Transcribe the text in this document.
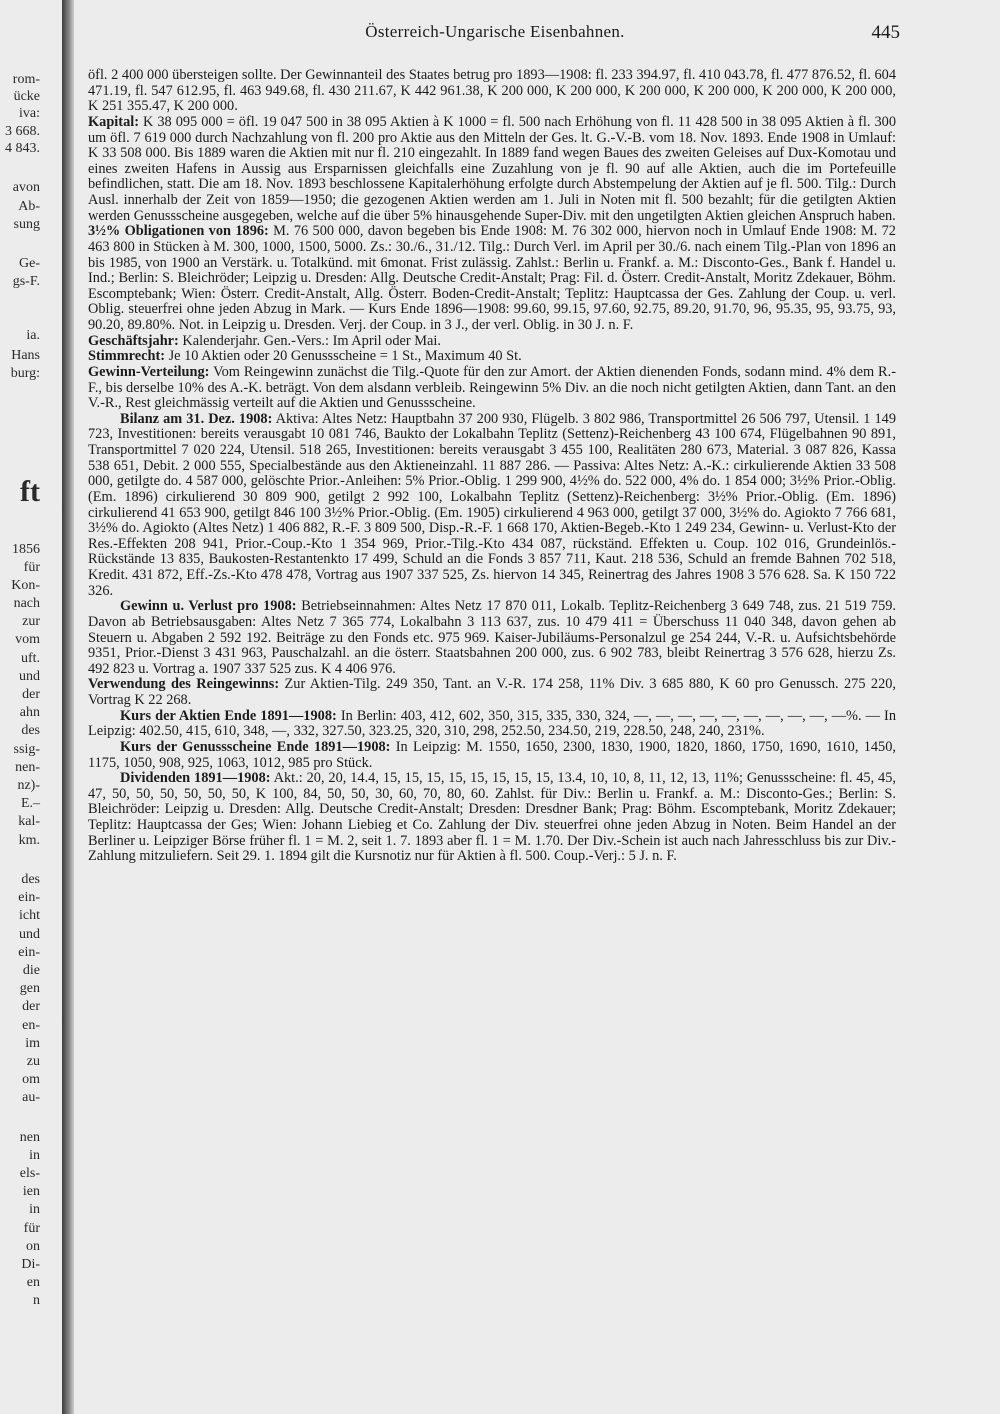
rom-
ücke
iva:
3 668.
4 843.
avon
Ab-
sung
Ge-
gs-F.
ia.
Hans
burg:
ft
1856
für
Kon-
nach
zur
vom
uft.
und
der
ahn
des
ssig-
nen-
nz)-
E.–
kal-
km.
des
ein-
icht
und
ein-
die
gen
der
en-
im
zu
om
au-
nen
in
els-
ien
in
für
on
Di-
en
n
Österreich-Ungarische Eisenbahnen.	445

öfl. 2 400 000 übersteigen sollte. Der Gewinnanteil des Staates betrug pro 1893—1908: fl. 233 394.97, fl. 410 043.78, fl. 477 876.52, fl. 604 471.19, fl. 547 612.95, fl. 463 949.68, fl. 430 211.67, K 442 961.38, K 200 000, K 200 000, K 200 000, K 200 000, K 200 000, K 200 000, K 251 355.47, K 200 000.

Kapital: K 38 095 000 = öfl. 19 047 500 in 38 095 Aktien à K 1000 = fl. 500 nach Erhöhung von fl. 11 428 500 in 38 095 Aktien à fl. 300 um öfl. 7 619 000 durch Nachzahlung von fl. 200 pro Aktie aus den Mitteln der Ges. lt. G.-V.-B. vom 18. Nov. 1893. Ende 1908 in Umlauf: K 33 508 000. Bis 1889 waren die Aktien mit nur fl. 210 eingezahlt. In 1889 fand wegen Baues des zweiten Geleises auf Dux-Komotau und eines zweiten Hafens in Aussig aus Ersparnissen gleichfalls eine Zuzahlung von je fl. 90 auf alle Aktien, auch die im Portefeuille befindlichen, statt. Die am 18. Nov. 1893 beschlossene Kapitalerhöhung erfolgte durch Abstempelung der Aktien auf je fl. 500. Tilg.: Durch Ausl. innerhalb der Zeit von 1859—1950; die gezogenen Aktien werden am 1. Juli in Noten mit fl. 500 bezahlt; für die getilgten Aktien werden Genussscheine ausgegeben, welche auf die über 5% hinausgehende Super-Div. mit den ungetilgten Aktien gleichen Anspruch haben.

3½% Obligationen von 1896: M. 76 500 000, davon begeben bis Ende 1908: M. 76 302 000, hiervon noch in Umlauf Ende 1908: M. 72 463 800 in Stücken à M. 300, 1000, 1500, 5000. Zs.: 30./6., 31./12. Tilg.: Durch Verl. im April per 30./6. nach einem Tilg.-Plan von 1896 an bis 1985, von 1900 an Verstärk. u. Totalkünd. mit 6monat. Frist zulässig. Zahlst.: Berlin u. Frankf. a. M.: Disconto-Ges., Bank f. Handel u. Ind.; Berlin: S. Bleichröder; Leipzig u. Dresden: Allg. Deutsche Credit-Anstalt; Prag: Fil. d. Österr. Credit-Anstalt, Moritz Zdekauer, Böhm. Escomptebank; Wien: Österr. Credit-Anstalt, Allg. Österr. Boden-Credit-Anstalt; Teplitz: Hauptcassa der Ges. Zahlung der Coup. u. verl. Oblig. steuerfrei ohne jeden Abzug in Mark. — Kurs Ende 1896—1908: 99.60, 99.15, 97.60, 92.75, 89.20, 91.70, 96, 95.35, 95, 93.75, 93, 90.20, 89.80%. Not. in Leipzig u. Dresden. Verj. der Coup. in 3 J., der verl. Oblig. in 30 J. n. F.

Geschäftsjahr: Kalenderjahr. Gen.-Vers.: Im April oder Mai.

Stimmrecht: Je 10 Aktien oder 20 Genussscheine = 1 St., Maximum 40 St.

Gewinn-Verteilung: Vom Reingewinn zunächst die Tilg.-Quote für den zur Amort. der Aktien dienenden Fonds, sodann mind. 4% dem R.-F., bis derselbe 10% des A.-K. beträgt. Von dem alsdann verbleib. Reingewinn 5% Div. an die noch nicht getilgten Aktien, dann Tant. an den V.-R., Rest gleichmässig verteilt auf die Aktien und Genussscheine.

Bilanz am 31. Dez. 1908: Aktiva: Altes Netz: Hauptbahn 37 200 930, Flügelb. 3 802 986, Transportmittel 26 506 797, Utensil. 1 149 723, Investitionen: bereits verausgabt 10 081 746, Baukto der Lokalbahn Teplitz (Settenz)-Reichenberg 43 100 674, Flügelbahnen 90 891, Transportmittel 7 020 224, Utensil. 518 265, Investitionen: bereits verausgabt 3 455 100, Realitäten 280 673, Material. 3 087 826, Kassa 538 651, Debit. 2 000 555, Specialbestände aus den Aktieneinzahl. 11 887 286. — Passiva: Altes Netz: A.-K.: cirkulierende Aktien 33 508 000, getilgte do. 4 587 000, gelöschte Prior.-Anleihen: 5% Prior.-Oblig. 1 299 900, 4½% do. 522 000, 4% do. 1 854 000; 3½% Prior.-Oblig. (Em. 1896) cirkulierend 30 809 900, getilgt 2 992 100, Lokalbahn Teplitz (Settenz)-Reichenberg: 3½% Prior.-Oblig. (Em. 1896) cirkulierend 41 653 900, getilgt 846 100 3½% Prior.-Oblig. (Em. 1905) cirkulierend 4 963 000, getilgt 37 000, 3½% do. Agiokto 7 766 681, 3½% do. Agiokto (Altes Netz) 1 406 882, R.-F. 3 809 500, Disp.-R.-F. 1 668 170, Aktien-Begeb.-Kto 1 249 234, Gewinn- u. Verlust-Kto der Res.-Effekten 208 941, Prior.-Coup.-Kto 1 354 969, Prior.-Tilg.-Kto 434 087, rückständ. Effekten u. Coup. 102 016, Grundeinlös.-Rückstände 13 835, Baukosten-Restantenkto 17 499, Schuld an die Fonds 3 857 711, Kaut. 218 536, Schuld an fremde Bahnen 702 518, Kredit. 431 872, Eff.-Zs.-Kto 478 478, Vortrag aus 1907 337 525, Zs. hiervon 14 345, Reinertrag des Jahres 1908 3 576 628. Sa. K 150 722 326.

Gewinn u. Verlust pro 1908: Betriebseinnahmen: Altes Netz 17 870 011, Lokalb. Teplitz-Reichenberg 3 649 748, zus. 21 519 759. Davon ab Betriebsausgaben: Altes Netz 7 365 774, Lokalbahn 3 113 637, zus. 10 479 411 = Überschuss 11 040 348, davon gehen ab Steuern u. Abgaben 2 592 192. Beiträge zu den Fonds etc. 975 969. Kaiser-Jubiläums-Personalzul ge 254 244, V.-R. u. Aufsichtsbehörde 9351, Prior.-Dienst 3 431 963, Pauschalzahl. an die österr. Staatsbahnen 200 000, zus. 6 902 783, bleibt Reinertrag 3 576 628, hierzu Zs. 492 823 u. Vortrag a. 1907 337 525 zus. K 4 406 976.

Verwendung des Reingewinns: Zur Aktien-Tilg. 249 350, Tant. an V.-R. 174 258, 11% Div. 3 685 880, K 60 pro Genussch. 275 220, Vortrag K 22 268.

Kurs der Aktien Ende 1891—1908: In Berlin: 403, 412, 602, 350, 315, 335, 330, 324, —, —, —, —, —, —, —, —, —, —%. — In Leipzig: 402.50, 415, 610, 348, —, 332, 327.50, 323.25, 320, 310, 298, 252.50, 234.50, 219, 228.50, 248, 240, 231%.

Kurs der Genussscheine Ende 1891—1908: In Leipzig: M. 1550, 1650, 2300, 1830, 1900, 1820, 1860, 1750, 1690, 1610, 1450, 1175, 1050, 908, 925, 1063, 1012, 985 pro Stück.

Dividenden 1891—1908: Akt.: 20, 20, 14.4, 15, 15, 15, 15, 15, 15, 15, 15, 13.4, 10, 10, 8, 11, 12, 13, 11%; Genussscheine: fl. 45, 45, 47, 50, 50, 50, 50, 50, 50, K 100, 84, 50, 50, 30, 60, 70, 80, 60. Zahlst. für Div.: Berlin u. Frankf. a. M.: Disconto-Ges.; Berlin: S. Bleichröder: Leipzig u. Dresden: Allg. Deutsche Credit-Anstalt; Dresden: Dresdner Bank; Prag: Böhm. Escomptebank, Moritz Zdekauer; Teplitz: Hauptcassa der Ges; Wien: Johann Liebieg et Co. Zahlung der Div. steuerfrei ohne jeden Abzug in Noten. Beim Handel an der Berliner u. Leipziger Börse früher fl. 1 = M. 2, seit 1. 7. 1893 aber fl. 1 = M. 1.70. Der Div.-Schein ist auch nach Jahresschluss bis zur Div.-Zahlung mitzuliefern. Seit 29. 1. 1894 gilt die Kursnotiz nur für Aktien à fl. 500. Coup.-Verj.: 5 J. n. F.
